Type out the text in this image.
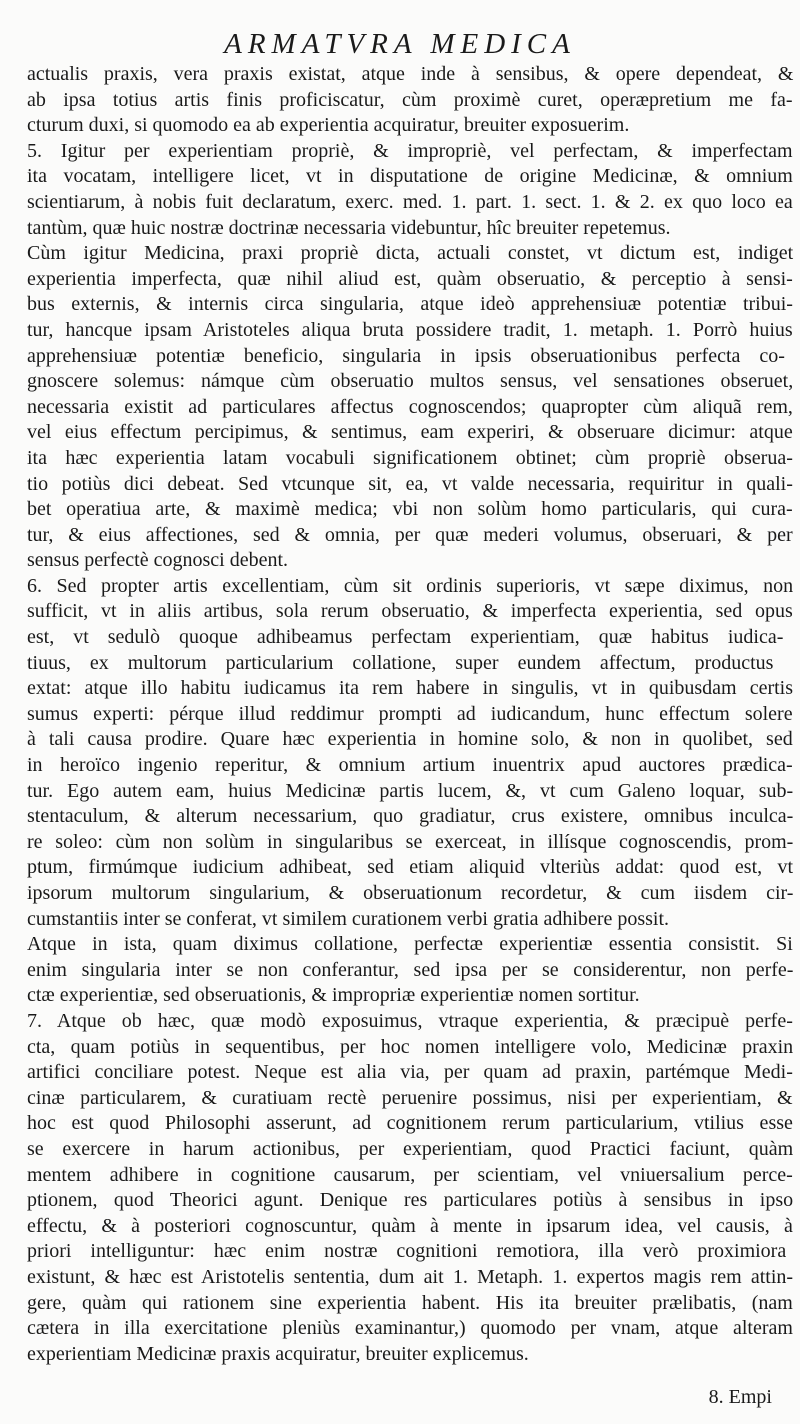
ARMATVRA MEDICA
actualis praxis, vera praxis existat, atque inde à sensibus, & opere dependeat, &
ab ipsa totius artis finis proficiscatur, cùm proximè curet, operæpretium me fa-
cturum duxi, si quomodo ea ab experientia acquiratur, breuiter exposuerim.
5. Igitur per experientiam propriè, & impropriè, vel perfectam, & imperfectam
ita vocatam, intelligere licet, vt in disputatione de origine Medicinæ, & omnium
scientiarum, à nobis fuit declaratum, exerc. med. 1. part. 1. sect. 1. & 2. ex quo loco ea
tantùm, quæ huic nostræ doctrinæ necessaria videbuntur, hîc breuiter repetemus.
Cùm igitur Medicina, praxi propriè dicta, actuali constet, vt dictum est, indiget
experientia imperfecta, quæ nihil aliud est, quàm obseruatio, & perceptio à sensi-
bus externis, & internis circa singularia, atque ideò apprehensiuæ potentiæ tribui-
tur, hancque ipsam Aristoteles aliqua bruta possidere tradit, 1. metaph. 1. Porrò huius
apprehensiuæ potentiæ beneficio, singularia in ipsis obseruationibus perfecta co-
gnoscere solemus: námque cùm obseruatio multos sensus, vel sensationes obseruet,
necessaria existit ad particulares affectus cognoscendos; quapropter cùm aliquã rem,
vel eius effectum percipimus, & sentimus, eam experiri, & obseruare dicimur: atque
ita hæc experientia latam vocabuli significationem obtinet; cùm propriè obserua-
tio potiùs dici debeat. Sed vtcunque sit, ea, vt valde necessaria, requiritur in quali-
bet operatiua arte, & maximè medica; vbi non solùm homo particularis, qui cura-
tur, & eius affectiones, sed & omnia, per quæ mederi volumus, obseruari, & per
sensus perfectè cognosci debent.
6. Sed propter artis excellentiam, cùm sit ordinis superioris, vt sæpe diximus, non
sufficit, vt in aliis artibus, sola rerum obseruatio, & imperfecta experientia, sed opus
est, vt sedulò quoque adhibeamus perfectam experientiam, quæ habitus iudica-
tiuus, ex multorum particularium collatione, super eundem affectum, productus
extat: atque illo habitu iudicamus ita rem habere in singulis, vt in quibusdam certis
sumus experti: pérque illud reddimur prompti ad iudicandum, hunc effectum solere
à tali causa prodire. Quare hæc experientia in homine solo, & non in quolibet, sed
in heroïco ingenio reperitur, & omnium artium inuentrix apud auctores prædica-
tur. Ego autem eam, huius Medicinæ partis lucem, &, vt cum Galeno loquar, sub-
stentaculum, & alterum necessarium, quo gradiatur, crus existere, omnibus inculca-
re soleo: cùm non solùm in singularibus se exerceat, in illísque cognoscendis, prom-
ptum, firmúmque iudicium adhibeat, sed etiam aliquid vlteriùs addat: quod est, vt
ipsorum multorum singularium, & obseruationum recordetur, & cum iisdem cir-
cumstantiis inter se conferat, vt similem curationem verbi gratia adhibere possit.
Atque in ista, quam diximus collatione, perfectæ experientiæ essentia consistit. Si
enim singularia inter se non conferantur, sed ipsa per se considerentur, non perfe-
ctæ experientiæ, sed obseruationis, & impropriæ experientiæ nomen sortitur.
7. Atque ob hæc, quæ modò exposuimus, vtraque experientia, & præcipuè perfe-
cta, quam potiùs in sequentibus, per hoc nomen intelligere volo, Medicinæ praxin
artifici conciliare potest. Neque est alia via, per quam ad praxin, partémque Medi-
cinæ particularem, & curatiuam rectè peruenire possimus, nisi per experientiam, &
hoc est quod Philosophi asserunt, ad cognitionem rerum particularium, vtilius esse
se exercere in harum actionibus, per experientiam, quod Practici faciunt, quàm
mentem adhibere in cognitione causarum, per scientiam, vel vniuersalium perce-
ptionem, quod Theorici agunt. Denique res particulares potiùs à sensibus in ipso
effectu, & à posteriori cognoscuntur, quàm à mente in ipsarum idea, vel causis, à
priori intelliguntur: hæc enim nostræ cognitioni remotiora, illa verò proximiora
existunt, & hæc est Aristotelis sententia, dum ait 1. Metaph. 1. expertos magis rem attin-
gere, quàm qui rationem sine experientia habent. His ita breuiter prælibatis, (nam
cætera in illa exercitatione pleniùs examinantur,) quomodo per vnam, atque alteram
experientiam Medicinæ praxis acquiratur, breuiter explicemus.
8. Empi
